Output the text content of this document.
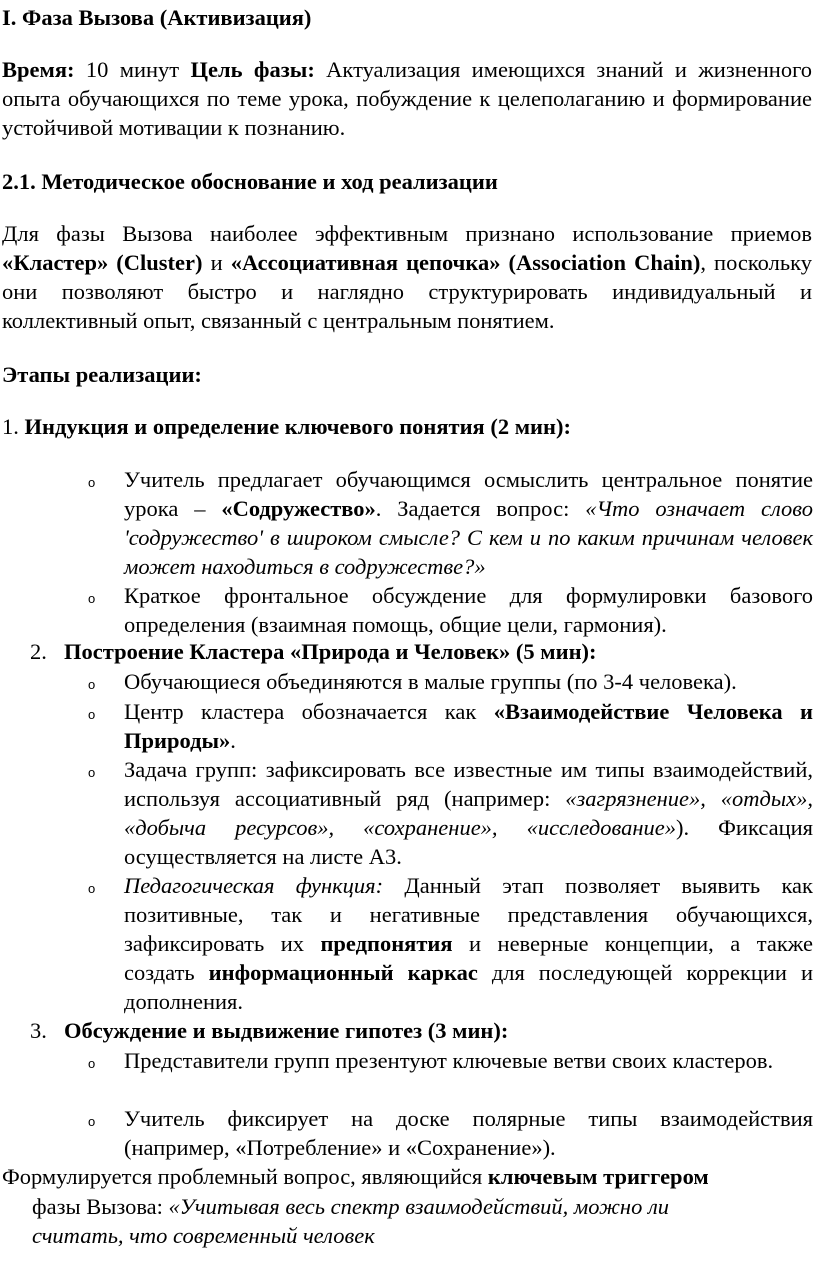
I. Фаза Вызова (Активизация)

Время: 10 минут Цель фазы: Актуализация имеющихся знаний и жизненного опыта обучающихся по теме урока, побуждение к целеполаганию и формирование устойчивой мотивации к познанию.

2.1. Методическое обоснование и ход реализации

Для фазы Вызова наиболее эффективным признано использование приемов «Кластер» (Cluster) и «Ассоциативная цепочка» (Association Chain), поскольку они позволяют быстро и наглядно структурировать индивидуальный и коллективный опыт, связанный с центральным понятием.

Этапы реализации:
1. Индукция и определение ключевого понятия (2 мин):
o Учитель предлагает обучающимся осмыслить центральное понятие урока – «Содружество». Задается вопрос: «Что означает слово 'содружество' в широком смысле? С кем и по каким причинам человек может находиться в содружестве?»

o Краткое фронтальное обсуждение для формулировки базового определения (взаимная помощь, общие цели, гармония).

2. Построение Кластера «Природа и Человек» (5 мин):
o Обучающиеся объединяются в малые группы (по 3-4 человека).

o Центр кластера обозначается как «Взаимодействие Человека и Природы».

o Задача групп: зафиксировать все известные им типы взаимодействий, используя ассоциативный ряд (например: «загрязнение», «отдых», «добыча ресурсов», «сохранение», «исследование»). Фиксация осуществляется на листе А3.

o Педагогическая функция: Данный этап позволяет выявить как позитивные, так и негативные представления обучающихся, зафиксировать их предпонятия и неверные концепции, а также создать информационный каркас для последующей коррекции и дополнения.

3. Обсуждение и выдвижение гипотез (3 мин):
o Представители групп презентуют ключевые ветви своих кластеров.

o Учитель фиксирует на доске полярные типы взаимодействия (например, «Потребление» и «Сохранение»).

Формулируется проблемный вопрос, являющийся ключевым триггером
фазы Вызова: «Учитывая весь спектр взаимодействий, можно ли
считать, что современный человек
